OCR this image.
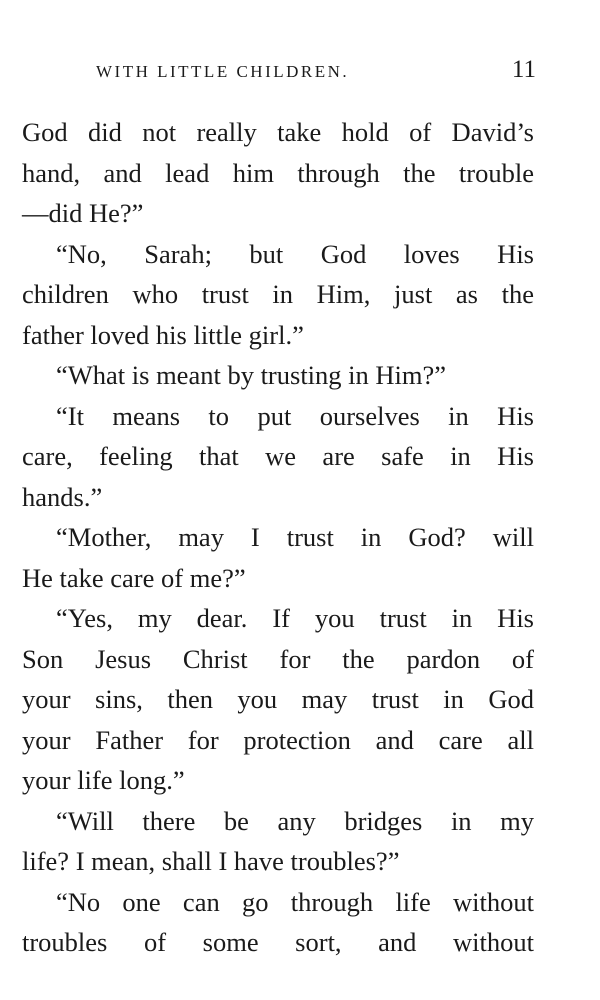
WITH LITTLE CHILDREN.	11
God did not really take hold of David’s
hand, and lead him through the trouble
—did He?”
“No, Sarah; but God loves His
children who trust in Him, just as the
father loved his little girl.”
“What is meant by trusting in Him?”
“It means to put ourselves in His
care, feeling that we are safe in His
hands.”
“Mother, may I trust in God? will
He take care of me?”
“Yes, my dear. If you trust in His
Son Jesus Christ for the pardon of
your sins, then you may trust in God
your Father for protection and care all
your life long.”
“Will there be any bridges in my
life? I mean, shall I have troubles?”
“No one can go through life without
troubles of some sort, and without
